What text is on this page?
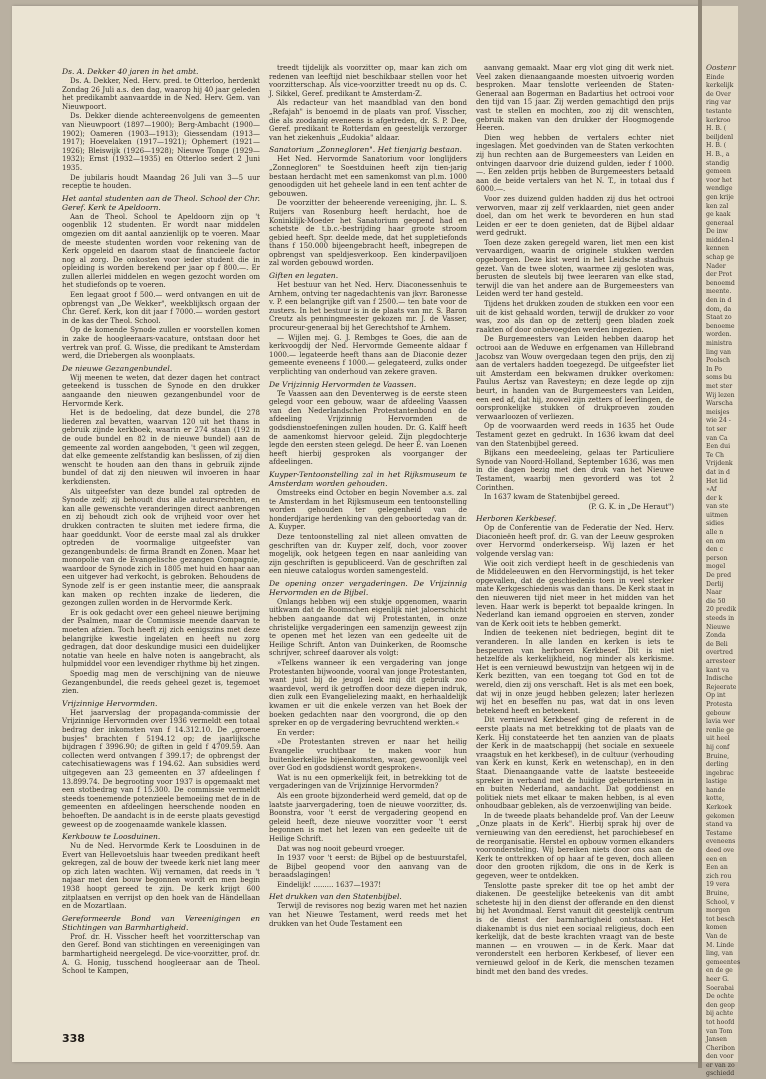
Ds. A. Dekker 40 jaren in het ambt.

Ds. A. Dekker, Ned. Herv. pred. te Otterloo, herdenkt Zondag 26 Juli a.s. den dag, waarop hij 40 jaar geleden het predikambt aanvaardde in de Ned. Herv. Gem. van Nieuwpoort.

Ds. Dekker diende achtereenvolgens de gemeenten van Nieuwpoort (1897—1900); Berg-Ambacht (1900—1902); Oameren (1903—1913); Giessendam (1913—1917); Hoevelaken (1917—1921); Ophemert (1921—1926); Bleiswijk (1926—1928); Nieuwe Tonge (1929—1932); Ernst (1932—1935) en Otterloo sedert 2 Juni 1935.

De jubilaris houdt Maandag 26 Juli van 3—5 uur receptie te houden.

Het aantal studenten aan de Theol. School der Chr. Geref. Kerk te Apeldoorn.

Aan de Theol. School te Apeldoorn zijn op 't oogenblik 12 studenten. Er wordt naar middelen omgezien om dit aantal aanzienlijk op te voeren. Maar de meeste studenten worden voor rekening van de Kerk opgeleid en daarom staat de financieele factor nog al zorg. De onkosten voor ieder student die in opleiding is worden berekend per jaar op f 800.—. Er zullen allerlei middelen en wegen gezocht worden om het studiefonds op te voeren.

Een legaat groot f 500.— werd ontvangen en uit de opbrengst van „De Wekker", weekblijksch orgaan der Chr. Geref. Kerk, kon dit jaar f 7000.— worden gestort in de kas der Theol. School.

Op de komende Synode zullen er voorstellen komen in zake de hoogleeraars-vacature, ontstaan door het vertrek van prof. G. Wisse, die predikant te Amsterdam werd, die Driebergen als woonplaats.

De nieuwe Gezangenbundel.

Wij meenen te weten, dat dezer dagen het contract geteekend is tusschen de Synode en den drukker aangaande den nieuwen gezangenbundel voor de Hervormde Kerk.

Het is de bedoeling, dat deze bundel, die 278 liederen zal bevatten, waarvan 120 uit het thans in gebruik zijnde kerkboek, waarin er 274 staan (192 in de oude bundel en 82 in de nieuwe bundel) aan de gemeente zal worden aangeboden, 't geen wil zeggen, dat elke gemeente zelfstandig kan beslissen, of zij dien wenscht te houden aan den thans in gebruik zijnde bundel of dat zij den nieuwen wil invoeren in haar kerkdiensten.

Als uitgeefster van deze bundel zal optreden de Synode zelf; zij behoudt dus alle auteursrechten, en kan alle gewenschte veranderingen direct aanbrengen en zij behoudt zich ook de vrijheid voor over het drukken contracten te sluiten met iedere firma, die haar goeddunkt. Voor de eerste maal zal als drukker optreden de voormalige uitgeefster van gezangenbundels: de firma Brandt en Zonen. Maar het monopolie van de Evangelische gezangen Compagnie, waardoor de Synode zich in 1805 met huid en haar aan een uitgever had verkocht, is gebroken. Behoudens de Synode zelf is er geen instantie meer, die aanspraak kan maken op rechten inzake de liederen, die gezongen zullen worden in de Hervormde Kerk.

Er is ook gedacht over een geheel nieuwe berijming der Psalmen, maar de Commissie meende daarvan te moeten afzien. Toch heeft zij zich eenigszins met deze belangrijke kwestie ingelaten en heeft nu zorg gedragen, dat door deskundige musici een duidelijker notatie van heele en halve noten is aangebracht, als hulpmiddel voor een levendiger rhythme bij het zingen.

Spoedig mag men de verschijning van de nieuwe Gezangenbundel, die reeds geheel gezet is, tegemoet zien.

Vrijzinnige Hervormden.

Het jaarverslag der propaganda-commissie der Vrijzinnige Hervormden over 1936 vermeldt een totaal bedrag der inkomsten van f 14.312.10. De „groene busjes" brachten f 5194.12 op; de jaarlijksche bijdragen f 3996.90; de giften in geld f 4709.59. Aan collecten werd ontvangen f 399.17; de opbrengst der catechisatiewagens was f 194.62. Aan subsidies werd uitgegeven aan 23 gemeenten en 37 afdeelingen f 13.899.74. De begrooting voor 1937 is opgemaakt met een stotbedrag van f 15.300. De commissie vermeldt steeds toenemende potenzieele bemoeiing met de in de gemeenten en afdeelingen heerschende nooden en behoeften. De aandacht is in de eerste plaats gevestigd geweest op de zoogenaamde wankele klassen.

Kerkbouw te Loosduinen.

Nu de Ned. Hervormde Kerk te Loosduinen in de Evert van Hellevoetsluis haar tweeden predikant heeft gekregen, zal de bouw der tweede kerk niet lang meer op zich laten wachten. Wij vernamen, dat reeds in 't najaar met den bouw begonnen wordt en men begin 1938 hoopt gereed te zijn. De kerk krijgt 600 zitplaatsen en verrijst op den hoek van de Händellaan en de Mozartlaan.

Gereformeerde Bond van Vereenigingen en Stichtingen van Barmhartigheid.

Prof. dr. H. Visscher heeft het voorzitterschap van den Geref. Bond van stichtingen en vereenigingen van barmhartigheid neergelegd. De vice-voorzitter, prof. dr. A. G. Honig, tusschend hoogleeraar aan de Theol. School te Kampen,

treedt tijdelijk als voorzitter op, maar kan zich om redenen van leeftijd niet beschikbaar stellen voor het voorzitterschap. Als vice-voorzitter treedt nu op ds. C. J. Sikkel, Geref. predikant te Amsterdam-Z.

Als redacteur van het maandblad van den bond „Refajah" is benoemd in de plaats van prof. Visscher, die als zoodanig eveneens is afgetreden, dr. S. P. Dee, Geref. predikant te Rotterdam en geestelijk verzorger van het ziekenhuis „Eudokia" aldaar.

Sanatorium „Zonnegloren". Het tienjarig bestaan.

Het Ned. Hervormde Sanatorium voor longlijders „Zonnegloren" te Soestduinen heeft zijn tien-jarig bestaan herdacht met een samenkomst van pl.m. 1000 genoodigden uit het geheele land in een tent achter de gebouwen.

De voorzitter der beheerende vereeniging, jhr. L. S. Ruijers van Rosenburg heeft herdacht, hoe de Koninklijk-Moeder het Sanatorium geopend had en schetste de t.b.c.-bestrijding haar groote stroom gebied heeft. Spr. deelde mede, dat het suppletiefonds thans f 150.000 bijeengebracht heeft, inbegrepen de opbrengst van speldjesverkoop. Een kinderpaviljoen zal worden gebouwd worden.

Giften en legaten.

Het bestuur van het Ned. Herv. Diaconessenhuis te Arnhem, ontving ter nagedachtenis van jkvr. Baronesse v. P. een belangrijke gift van f 2500.— ten bate voor de zusters. In het bestuur is in de plaats van mr. S. Baron Creutz als penningmeester gekozen mr. J. de Vasser, procureur-generaal bij het Gerechtshof te Arnhem.

— Wijlen mej. G. J. Rembges te Goes, die aan de kerkvoogdij der Ned. Hervormde Gemeente aldaar f 1000.— legateerde heeft thans aan de Diaconie dezer gemeente eveneens f 1000.— gelegateerd, zulks onder verplichting van onderhoud van zekere graven.

De Vrijzinnig Hervormden te Vaassen.

Te Vaassen aan den Deventerweg is de eerste steen gelegd voor een gebouw, waar de afdeeling Vaassen van den Nederlandschen Protestantenbond en de afdeeling Vrijzinnig Hervormden de godsdienstoefeningen zullen houden. Dr. G. Kalff heeft de aamenkomst hiervoor geleid. Zijn plegdochterje legde den eersten steen gelegd. De heer E. van Loenen heeft hierbij gesproken als voorganger der afdeelingen.

Kuyper-Tentoonstelling zal in het Rijksmuseum te Amsterdam worden gehouden.

Omstreeks eind October en begin November a.s. zal te Amsterdam in het Rijksmuseum een tentoonstelling worden gehouden ter gelegenheid van de honderdjarige herdenking van den geboortedag van dr. A. Kuyper.

Deze tentoonstelling zal niet alleen omvatten de geschriften van dr. Kuyper zelf, doch, voor zoover mogelijk, ook hetgeen tegen en naar aanleiding van zijn geschriften is gepubliceerd. Van de geschriften zal een nieuwe catalogus worden samengesteld.

De opening onzer vergaderingen. De Vrijzinnig Hervormden en de Bijbel.

Onlangs hebben wij een stukje opgenomen, waarin uitkwam dat de Roomschen eigenlijk niet jaloerschicht hebben aangaande dat wij Protestanten, in onze christelijke vergaderingen een samenzijn geweest zijn te openen met het lezen van een gedeelte uit de Heilige Schrift. Anton van Duinkerken, de Roomsche schrijver, schreef daarover als volgt:

»Telkens wanneer ik een vergadering van jonge Protestanten bijwoonde, vooral van jonge Protestanten, want juist bij de jeugd leek mij dit gebruik zoo waardevol, werd ik getroffen door deze diepen indruk, dien zulk een Evangelielezing maakt, en herhaaldelijk kwamen er uit die enkele verzen van het Boek der boeken gedachten naar den voorgrond, die op den spreker en op de vergadering bevruchtend werkten.«

En verder:

»De Protestanten streven er naar het heilig Evangelie vruchtbaar te maken voor hun buitenkerkelijke bijeenkomsten, waar, gewoonlijk veel over God en godsdienst wordt gesproken«.

Wat is nu een opmerkelijk feit, in betrekking tot de vergaderingen van de Vrijzinnige Hervormden?

Als een groote bijzonderheid werd gemeld, dat op de laatste jaarvergadering, toen de nieuwe voorzitter, ds. Boonstra, voor 't eerst de vergadering geopend en geleid heeft, deze nieuwe voorzitter voor 't eerst begonnen is met het lezen van een gedeelte uit de Heilige Schrift.

Dat was nog nooit gebeurd vroeger.

In 1937 voor 't eerst: de Bijbel op de bestuurstafel, de Bijbel geopend voor den aanvang van de beraadslagingen!

Eindelijk! ......... 1637—1937!

Het drukken van den Statenbijbel.

Terwijl de revisores nog bezig waren met het nazien van het Nieuwe Testament, werd reeds met het drukken van het Oude Testament een

aanvang gemaakt. Maar erg vlot ging dit werk niet. Veel zaken dienaangaande moesten uitvoerig worden besproken. Maar tenslotte verleenden de Staten-Generaal aan Bogerman en Badartius het octrooi voor den tijd van 15 jaar. Zij werden gemachtigd den prijs vast te stellen en mochten, zoo zij dit wenschten, gebruik maken van den drukker der Hoogmogende Heeren.

Dien weg hebben de vertalers echter niet ingeslagen. Met goedvinden van de Staten verkochten zij hun rechten aan de Burgemeesters van Leiden en ontvingen daarvoor drie duizend gulden, ieder f 1000.—. Een zelden prijs hebben de Burgemeesters betaald aan de beide vertalers van het N. T., in totaal dus f 6000.—.

Voor zes duizend gulden hadden zij dus het octrooi verworven, maar zij zelf verklaarden, niet geen ander doel, dan om het werk te bevorderen en hun stad Leiden er eer te doen genieten, dat de Bijbel aldaar werd gedrukt.

Toen deze zaken geregeld waren, liet men een kist vervaardigen, waarin de originele stukken werden opgeborgen. Deze kist werd in het Leidsche stadhuis gezet. Van de twee sloten, waarmee zij gesloten was, berusten de sleutels bij twee leeraren van elke stad, terwijl die van het andere aan de Burgemeesters van Leiden werd ter hand gesteld.

Tijdens het drukken zouden de stukken een voor een uit de kist gehaald worden, terwijl de drukker zo voor was, zoo als dan op de zetterij geen bladen zoek raakten of door onbevoegden werden ingezien.

De Burgemeesters van Leiden hebben daarop het octrooi aan de Weduwe en erfgenamen van Hillebrand Jacobsz van Wouw overgedaan tegen den prijs, den zij aan de vertalers hadden toegezegd. De uitgeefster liet uit Amsterdam een bekwamen drukker overkomen: Paulus Aertsz van Ravesteyn; en deze legde op zijn beurt, in handen van de Burgemeesters van Leiden, een eed af, dat hij, zoowel zijn zetters of leerlingen, de oorspronkelijke stukken of drukproeven zouden verwaarloozen of verliezen.

Op de voorwaarden werd reeds in 1635 het Oude Testament gezet en gedrukt. In 1636 kwam dat deel van den Statenbijbel gereed.

Bijkans een meedeeleing, gelaas ter Particuliere Synode van Noord-Holland, September 1636, was men in die dagen bezig met den druk van het Nieuwe Testament, waarbij men gevorderd was tot 2 Corinthen.

In 1637 kwam de Statenbijbel gereed.

(P. G. K. in „De Heraut")

Herboren Kerkbesef.

Op de Conferentie van de Federatie der Ned. Herv. Diaconieën heeft prof. dr. G. van der Leeuw gesproken over Hervormd onderkerseisp. Wij lazen er het volgende verslag van:

Wie ooit zich verdiept heeft in de geschiedenis van de Middeleeuwen en den Hervormingstijd, is het teker opgevallen, dat de geschiedenis toen in veel sterker mate Kerkgeschiedenis was dan thans. De Kerk staat in den nieuweren tijd niet meer in het midden van het leven. Haar werk is beperkt tot bepaalde kringen. In Nederland kan iemand opgroeien en sterven, zonder van de Kerk ooit iets te hebben gemerkt.

Indien de teekenen niet bedriegen, begint dit te veranderen. In alle landen en kerken is iets te bespeuren van herboren Kerkbesef. Dit is niet hetzelfde als kerkelijkheid, nog minder als kerkisme. Het is een vernieuwd bewustzijn van hetgeen wij in de Kerk bezitten, van een toegang tot God en tot de wereld, dien zij ons verschaft. Het is als met een boek, dat wij in onze jeugd hebben gelezen; later herlezen wij het en beseffen nu pas, wat dat in ons leven betekend heeft en beteekent.

Dit vernieuwd Kerkbesef ging de referent in de eerste plaats na met betrekking tot de plaats van de Kerk. Hij constateerde het ten aanzien van de plaats der Kerk in de maatschappij (het sociale en sexueele vraagstuk en het kerkbesef), in de cultuur (verhouding van Kerk en kunst, Kerk en wetenschap), en in den Staat. Dienaangaande vatte de laatste besteeeide spreker in verband met de huidige gebeurtenissen in en buiten Nederland, aandacht. Dat goddienst en politiek niets met elkaar te maken hebben, is al even onhoudbaar gebleken, als de verzoenwijling van beide.

In de tweede plaats behandelde prof. Van der Leeuw „Onze plaats in de Kerk". Hierbij sprak hij over de vernieuwing van den eeredienst, het parochiebesef en de reorganisatie. Herstel en opbouw vormen elkanders voorondersteling. Wij bereiken niets door ons aan de Kerk te onttrekken of op haar af te geven, doch alleen door den grooten rijkdom, die ons in de Kerk is gegeven, weer te ontdekken.

Tenslotte paste spreker dit toe op het ambt der diakenen. De geestelijke beteekenis van dit ambt scheteste hij in den dienst der offerande en den dienst bij het Avondmaal. Eerst vanuit dit geestelijk centrum is de dienst der barmhartigheid ontstaan. Het diakenambt is dus niet een sociaal religieus, doch een kerkelijk, dat de beste krachten vraagt van de beste mannen — en vrouwen — in de Kerk. Maar dat veronderstelt een herboren Kerkbesef, of liever een vernieuwd geloof in de Kerk, die menschen tezamen bindt met den band des vredes.

338
Oostenr
Einde
kerkelijk
de Over
ring var
testante
kerkroo
H. B. (
beiljdenl
H. B. (
H. B., a
standig
gemeen
voor het
wendige
gen krije
ken zal
ge kaak
generaal
De inw
midden-l
kennen
schap ge
Nader
der Prot
benoemd
meente.
den in d
dom, da
Staat zo
benoeme
worden.
ministra
ling van
Poolsch
In Po
soms bu
met ster
Wij lezen
Warscha
meisjes
wie 24 -
tot ser
van Ca
Een dui
Te Ch
Vrijdenk
dat in d
Het lid
»Af
der k
van ste
uitmen
sidies
alle n
en om
den c
person
mogel
De pred
Derlij
Naar
die 50
20 predik
steeds in
Nieuwe
Zonda
de Beli
overtred
arresteer
kant va
Indische
Rejeerate
Op int
Protesta
gebouw
lavia wer
renlie ge
uit heel
hij conf
Bruine,
derling
ingebrac
lastige
hande
kotte,
Kerkoek
gekomen
stand va
Testame
eveneens
deed ove
een en
Een an
zich rou
19 vera
Bruine,
School, v
morgen
tot besch
komen
Van de
M. Linde
ling, van
gemeentes
en de ge
heer G.
Soerabai
De ochte
den geop
bij achte
tot hoofd
van Tom
Jansen
Cheribon
den voor
er van zo
gschiedd
